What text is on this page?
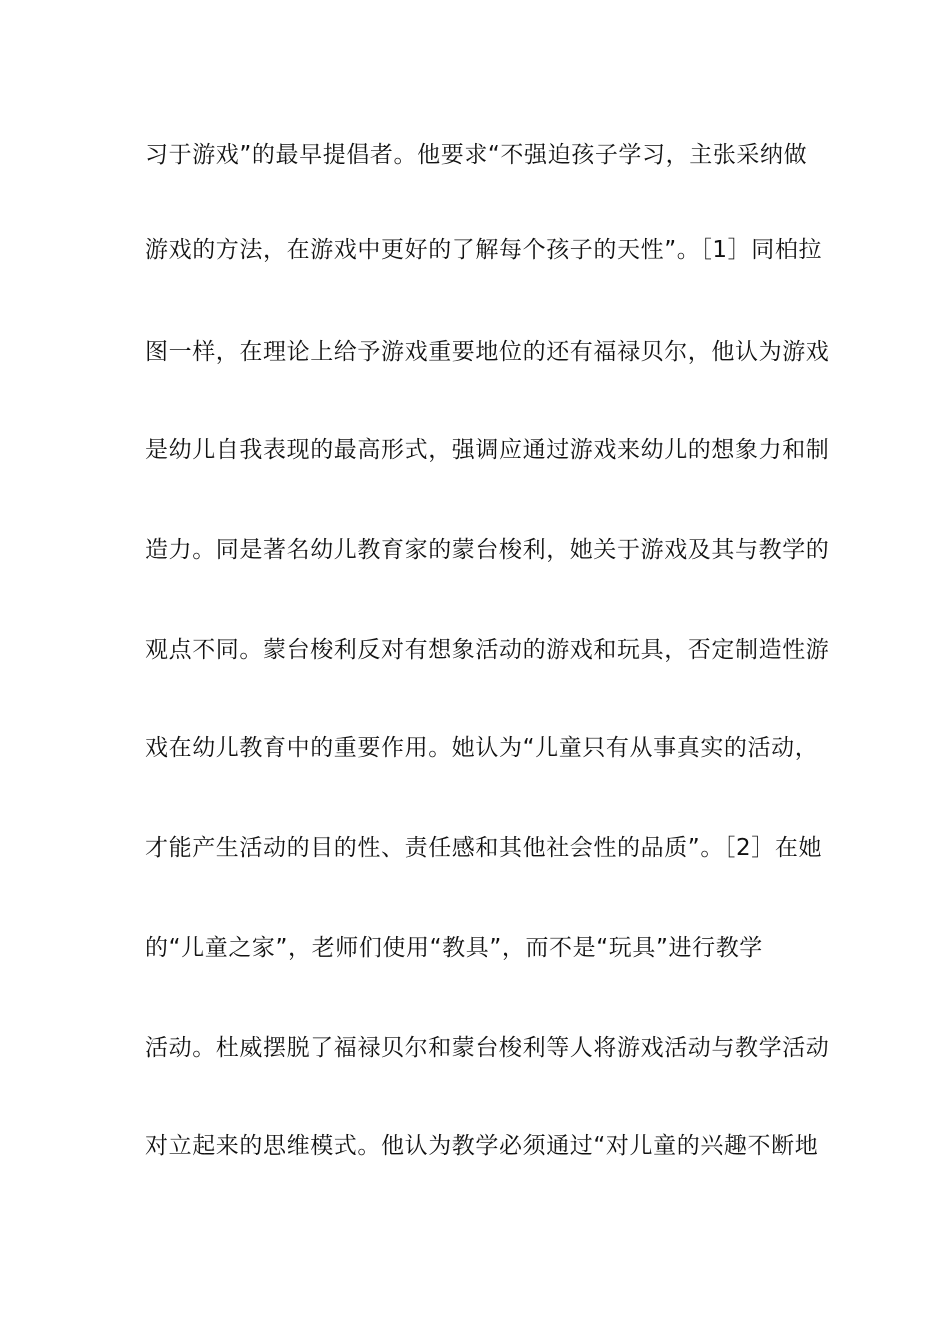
习于游戏”的最早提倡者。他要求“不强迫孩子学习，主张采纳做
游戏的方法，在游戏中更好的了解每个孩子的天性”。［1］同柏拉
图一样，在理论上给予游戏重要地位的还有福禄贝尔，他认为游戏
是幼儿自我表现的最高形式，强调应通过游戏来幼儿的想象力和制
造力。同是著名幼儿教育家的蒙台梭利，她关于游戏及其与教学的
观点不同。蒙台梭利反对有想象活动的游戏和玩具，否定制造性游
戏在幼儿教育中的重要作用。她认为“儿童只有从事真实的活动，
才能产生活动的目的性、责任感和其他社会性的品质”。［2］在她
的“儿童之家”，老师们使用“教具”，而不是“玩具”进行教学
活动。杜威摆脱了福禄贝尔和蒙台梭利等人将游戏活动与教学活动
对立起来的思维模式。他认为教学必须通过“对儿童的兴趣不断地
